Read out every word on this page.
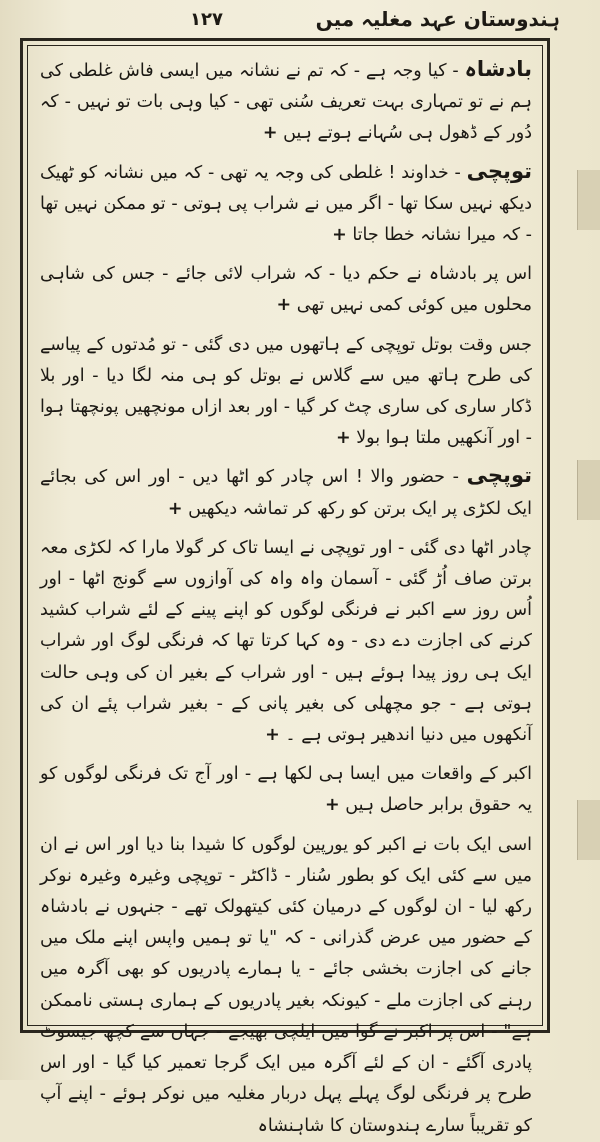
ہندوستان عہد مغلیہ میں
۱۲۷

بادشاہ - کیا وجہ ہے - کہ تم نے نشانہ میں ایسی فاش غلطی کی ہم نے تو تمہاری بہت تعریف سُنی تھی - کیا وہی بات تو نہیں - کہ دُور کے ڈھول ہی سُہانے ہوتے ہیں +

توپچی - خداوند ! غلطی کی وجہ یہ تھی - کہ میں نشانہ کو ٹھیک دیکھ نہیں سکا تھا - اگر میں نے شراب پی ہوتی - تو ممکن نہیں تھا - کہ میرا نشانہ خطا جاتا +

اس پر بادشاہ نے حکم دیا - کہ شراب لائی جائے - جس کی شاہی محلوں میں کوئی کمی نہیں تھی +

جس وقت بوتل توپچی کے ہاتھوں میں دی گئی - تو مُدتوں کے پیاسے کی طرح ہاتھ میں سے گلاس نے بوتل کو ہی منہ لگا دیا - اور بلا ڈکار ساری کی ساری چٹ کر گیا - اور بعد ازاں مونچھیں پونچھتا ہوا - اور آنکھیں ملتا ہوا بولا +

توپچی - حضور والا ! اس چادر کو اٹھا دیں - اور اس کی بجائے ایک لکڑی پر ایک برتن کو رکھ کر تماشہ دیکھیں +

چادر اٹھا دی گئی - اور توپچی نے ایسا تاک کر گولا مارا کہ لکڑی معہ برتن صاف اُڑ گئی - آسمان واہ واہ کی آوازوں سے گونج اٹھا - اور اُس روز سے اکبر نے فرنگی لوگوں کو اپنے پینے کے لئے شراب کشید کرنے کی اجازت دے دی - وہ کہا کرتا تھا کہ فرنگی لوگ اور شراب ایک ہی روز پیدا ہوئے ہیں - اور شراب کے بغیر ان کی وہی حالت ہوتی ہے - جو مچھلی کی بغیر پانی کے - بغیر شراب پئے ان کی آنکھوں میں دنیا اندھیر ہوتی ہے ۔ +

اکبر کے واقعات میں ایسا ہی لکھا ہے - اور آج تک فرنگی لوگوں کو یہ حقوق برابر حاصل ہیں +

اسی ایک بات نے اکبر کو یورپین لوگوں کا شیدا بنا دیا اور اس نے ان میں سے کئی ایک کو بطور سُنار - ڈاکٹر - توپچی وغیرہ وغیرہ نوکر رکھ لیا - ان لوگوں کے درمیان کئی کیتھولک تھے - جنہوں نے بادشاہ کے حضور میں عرض گذرانی - کہ "یا تو ہمیں واپس اپنے ملک میں جانے کی اجازت بخشی جائے - یا ہمارے پادریوں کو بھی آگرہ میں رہنے کی اجازت ملے - کیونکہ بغیر پادریوں کے ہماری ہستی ناممکن ہے" - اس پر اکبر نے گوا میں ایلچی بھیجے - جہاں سے کچھ جیسوٹ پادری آگئے - ان کے لئے آگرہ میں ایک گرجا تعمیر کیا گیا - اور اس طرح پر فرنگی لوگ پہلے پہل دربار مغلیہ میں نوکر ہوئے - اپنے آپ کو تقریباً سارے ہندوستان کا شاہنشاہ
